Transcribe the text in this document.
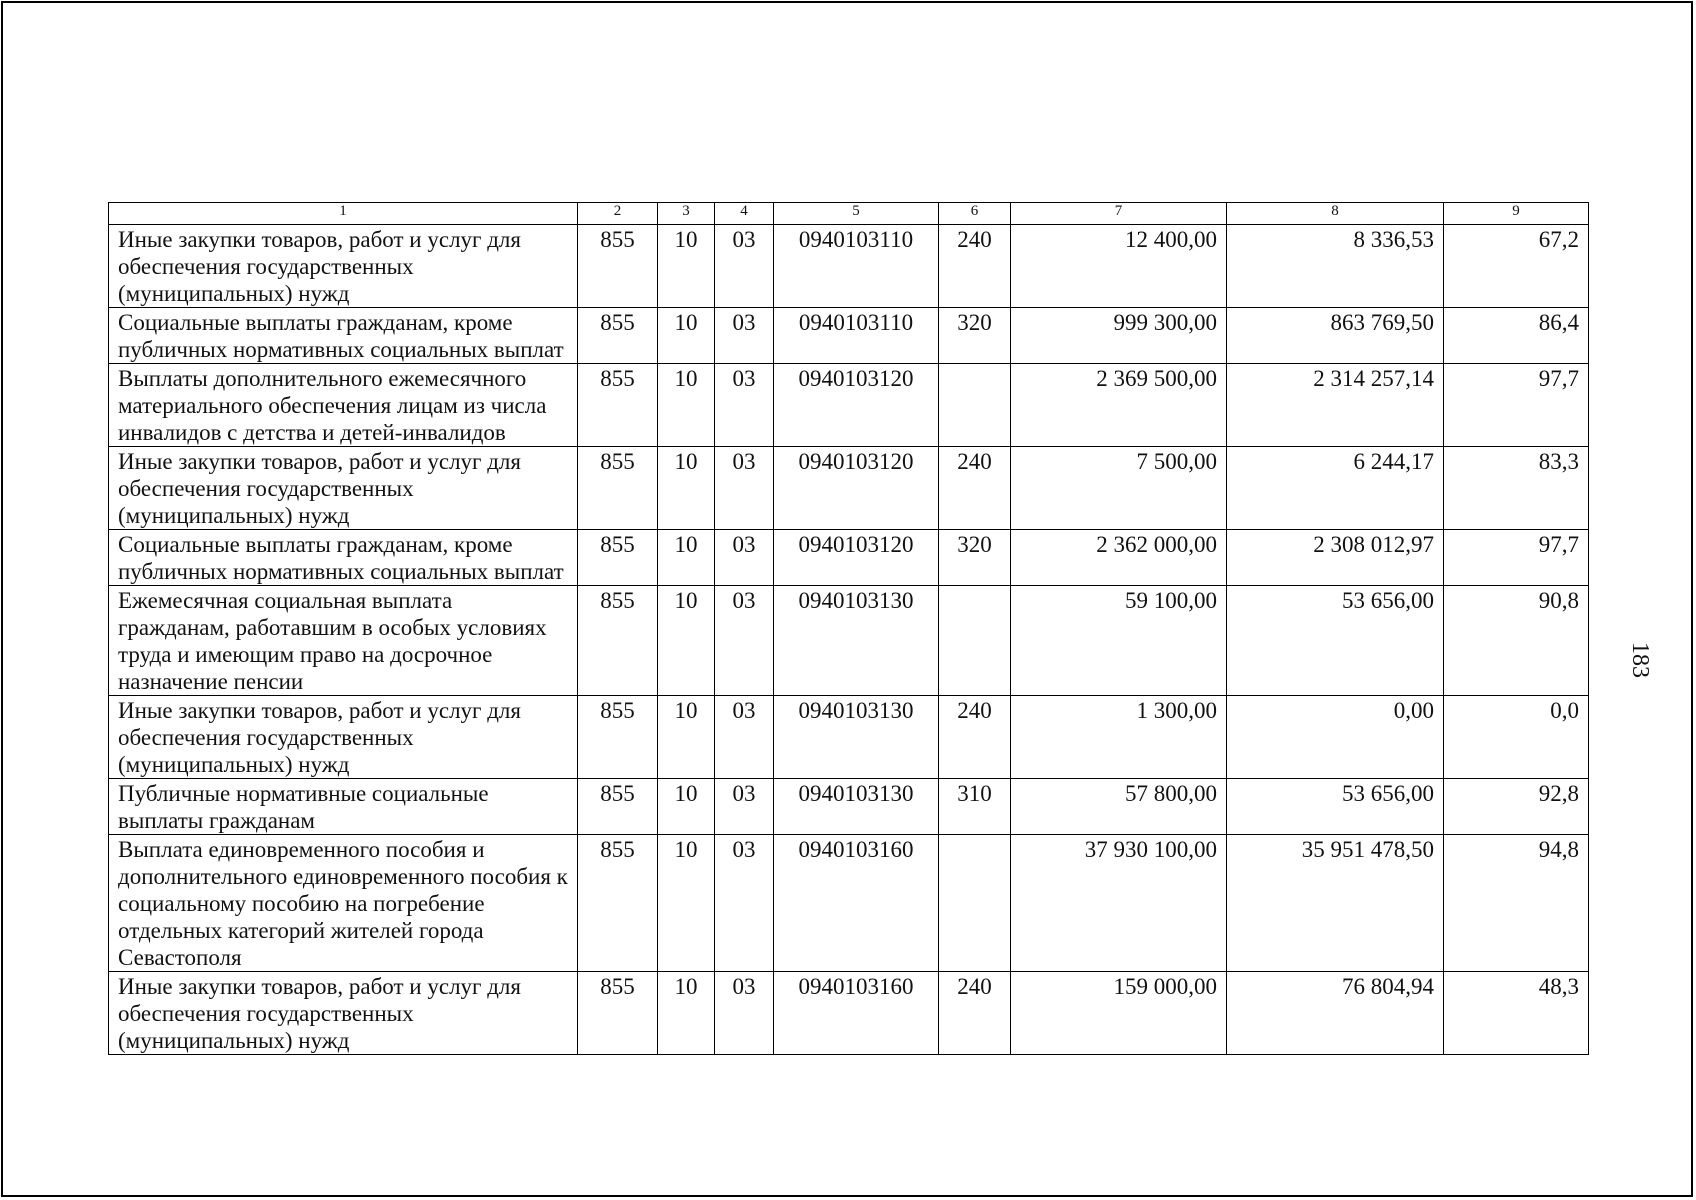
1	2	3	4	5	6	7	8	9
Иные закупки товаров, работ и услуг для обеспечения государственных (муниципальных) нужд	855	10	03	0940103110	240	12 400,00	8 336,53	67,2
Социальные выплаты гражданам, кроме публичных нормативных социальных выплат	855	10	03	0940103110	320	999 300,00	863 769,50	86,4
Выплаты дополнительного ежемесячного материального обеспечения лицам из числа инвалидов с детства и детей-инвалидов	855	10	03	0940103120		2 369 500,00	2 314 257,14	97,7
Иные закупки товаров, работ и услуг для обеспечения государственных (муниципальных) нужд	855	10	03	0940103120	240	7 500,00	6 244,17	83,3
Социальные выплаты гражданам, кроме публичных нормативных социальных выплат	855	10	03	0940103120	320	2 362 000,00	2 308 012,97	97,7
Ежемесячная социальная выплата гражданам, работавшим в особых условиях труда и имеющим право на досрочное назначение пенсии	855	10	03	0940103130		59 100,00	53 656,00	90,8
Иные закупки товаров, работ и услуг для обеспечения государственных (муниципальных) нужд	855	10	03	0940103130	240	1 300,00	0,00	0,0
Публичные нормативные социальные выплаты гражданам	855	10	03	0940103130	310	57 800,00	53 656,00	92,8
Выплата единовременного пособия и дополнительного единовременного пособия к социальному пособию на погребение отдельных категорий жителей города Севастополя	855	10	03	0940103160		37 930 100,00	35 951 478,50	94,8
Иные закупки товаров, работ и услуг для обеспечения государственных (муниципальных) нужд	855	10	03	0940103160	240	159 000,00	76 804,94	48,3
183
